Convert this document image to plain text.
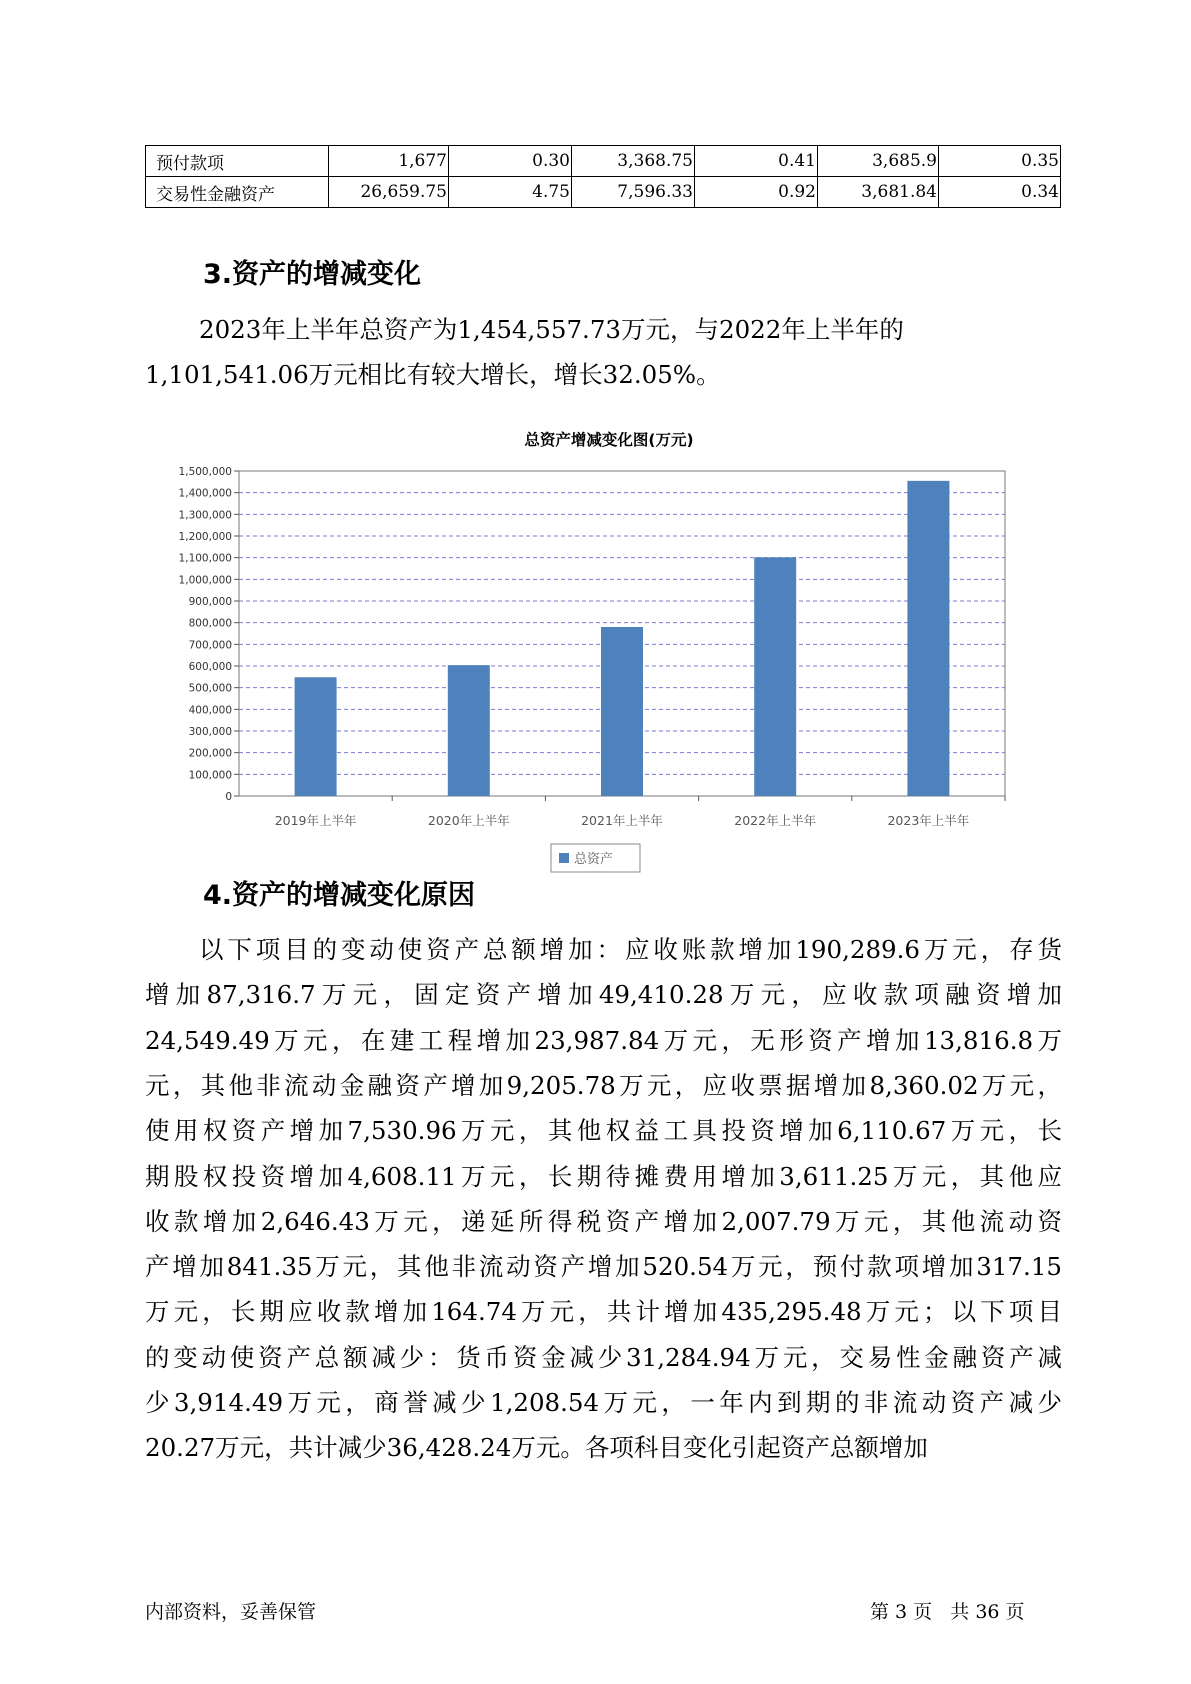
预付款项	1,677	0.30	3,368.75	0.41	3,685.9	0.35
交易性金融资产	26,659.75	4.75	7,596.33	0.92	3,681.84	0.34
3.资产的增减变化

2023年上半年总资产为1,454,557.73万元，与2022年上半年的

1,101,541.06万元相比有较大增长，增长32.05%。

总资产增减变化图(万元)
0
100,000
200,000
300,000
400,000
500,000
600,000
700,000
800,000
900,000
1,000,000
1,100,000
1,200,000
1,300,000
1,400,000
1,500,000
2019年上半年	2020年上半年	2021年上半年	2022年上半年	2023年上半年
总资产
4.资产的增减变化原因

以下项目的变动使资产总额增加：应收账款增加190,289.6万元，存货

增加87,316.7万元，固定资产增加49,410.28万元，应收款项融资增加

24,549.49万元，在建工程增加23,987.84万元，无形资产增加13,816.8万

元，其他非流动金融资产增加9,205.78万元，应收票据增加8,360.02万元，

使用权资产增加7,530.96万元，其他权益工具投资增加6,110.67万元，长

期股权投资增加4,608.11万元，长期待摊费用增加3,611.25万元，其他应

收款增加2,646.43万元，递延所得税资产增加2,007.79万元，其他流动资

产增加841.35万元，其他非流动资产增加520.54万元，预付款项增加317.15

万元，长期应收款增加164.74万元，共计增加435,295.48万元；以下项目

的变动使资产总额减少：货币资金减少31,284.94万元，交易性金融资产减

少3,914.49万元，商誉减少1,208.54万元，一年内到期的非流动资产减少

20.27万元，共计减少36,428.24万元。各项科目变化引起资产总额增加

内部资料，妥善保管	第 3 页   共 36 页
